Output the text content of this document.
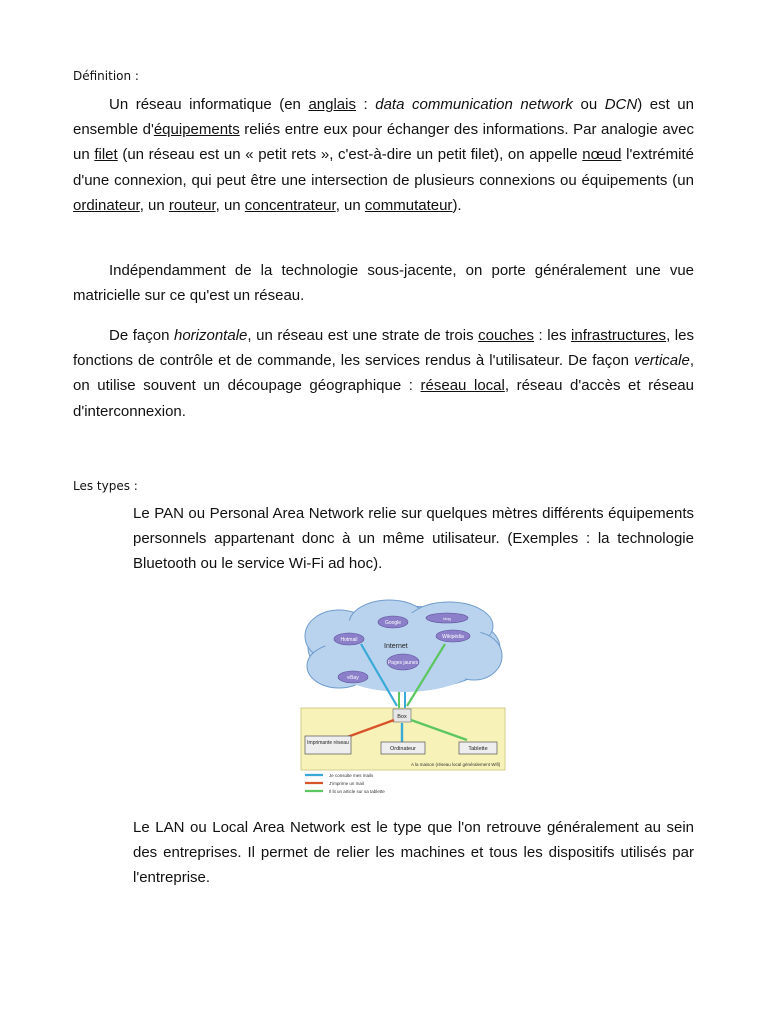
Définition :

Un réseau informatique (en anglais : data communication network ou DCN) est un ensemble d'équipements reliés entre eux pour échanger des informations. Par analogie avec un filet (un réseau est un « petit rets », c'est-à-dire un petit filet), on appelle nœud l'extrémité d'une connexion, qui peut être une intersection de plusieurs connexions ou équipements (un ordinateur, un routeur, un concentrateur, un commutateur).

Indépendamment de la technologie sous-jacente, on porte généralement une vue matricielle sur ce qu'est un réseau.

De façon horizontale, un réseau est une strate de trois couches : les infrastructures, les fonctions de contrôle et de commande, les services rendus à l'utilisateur. De façon verticale, on utilise souvent un découpage géographique : réseau local, réseau d'accès et réseau d'interconnexion.

Les types :

Le PAN ou Personal Area Network relie sur quelques mètres différents équipements personnels appartenant donc à un même utilisateur. (Exemples : la technologie Bluetooth ou le service Wi-Fi ad hoc).

Internet
Google
Hotmail	Wikipédia
Pages jaunes
eBay
blog
A la maison (réseau local généralement Wifi)
Box
Imprimante réseau
Ordinateur	Tablette
Je consulte mes mails
J'imprime un mail
Il lit un article sur sa tablette

Le LAN ou Local Area Network est le type que l'on retrouve généralement au sein des entreprises. Il permet de relier les machines et tous les dispositifs utilisés par l'entreprise.
